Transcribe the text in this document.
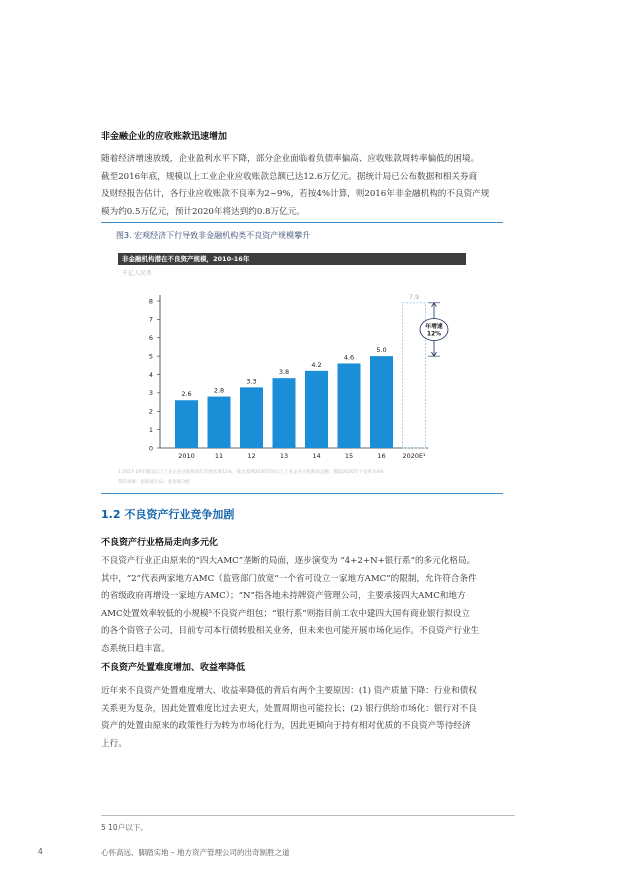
非金融企业的应收账款迅速增加
随着经济增速放缓，企业盈利水平下降，部分企业面临着负债率偏高、应收账款周转率偏低的困境。
截至2016年底，规模以上工业企业应收账款总额已达12.6万亿元。据统计局已公布数据和相关券商
及财经报告估计，各行业应收账款不良率为2~9%，若按4%计算，则2016年非金融机构的不良资产规
模为约0.5万亿元，预计2020年将达到约0.8万亿元。
图3. 宏观经济下行导致非金融机构类不良资产规模攀升
非金融机构潜在不良资产规模，2010-16年
千亿人民币
0
1
2
3
4
5
6
7
8
2.6
2010
2.8
11
3.3
12
3.8
13
4.2
14
4.6
15
5.0
16
7.9
2020E¹
年增速
12%
1 2017-19年假设以上工业企业应收账款年均增长率12%，推出预测2020年的以上工业企业应收账款总额；假设2020年不良率为4%
资料来源：国家统计局；麦肯锡分析
1.2 不良资产行业竞争加剧
不良资产行业格局走向多元化
不良资产行业正由原来的“四大AMC”垄断的局面，逐步演变为 “4+2+N+银行系”的多元化格局。
其中，“2”代表两家地方AMC（监管部门放宽“一个省可设立一家地方AMC”的限制，允许符合条件
的省级政府再增设一家地方AMC）；“N”指各地未持牌资产管理公司，主要承接四大AMC和地方
AMC处置效率较低的小规模⁵不良资产组包；“银行系”则指目前工农中建四大国有商业银行拟设立
的各个资管子公司，目前专司本行债转股相关业务，但未来也可能开展市场化运作。不良资产行业生
态系统日趋丰富。
不良资产处置难度增加、收益率降低
近年来不良资产处置难度增大、收益率降低的背后有两个主要原因：(1) 资产质量下降：行业和债权
关系更为复杂，因此处置难度比过去更大，处置周期也可能拉长；(2) 银行供给市场化：银行对不良
资产的处置由原来的政策性行为转为市场化行为，因此更倾向于持有相对优质的不良资产等待经济
上行。
5 10户以下。
4	心怀高远、脚踏实地 – 地方资产管理公司的出奇制胜之道
